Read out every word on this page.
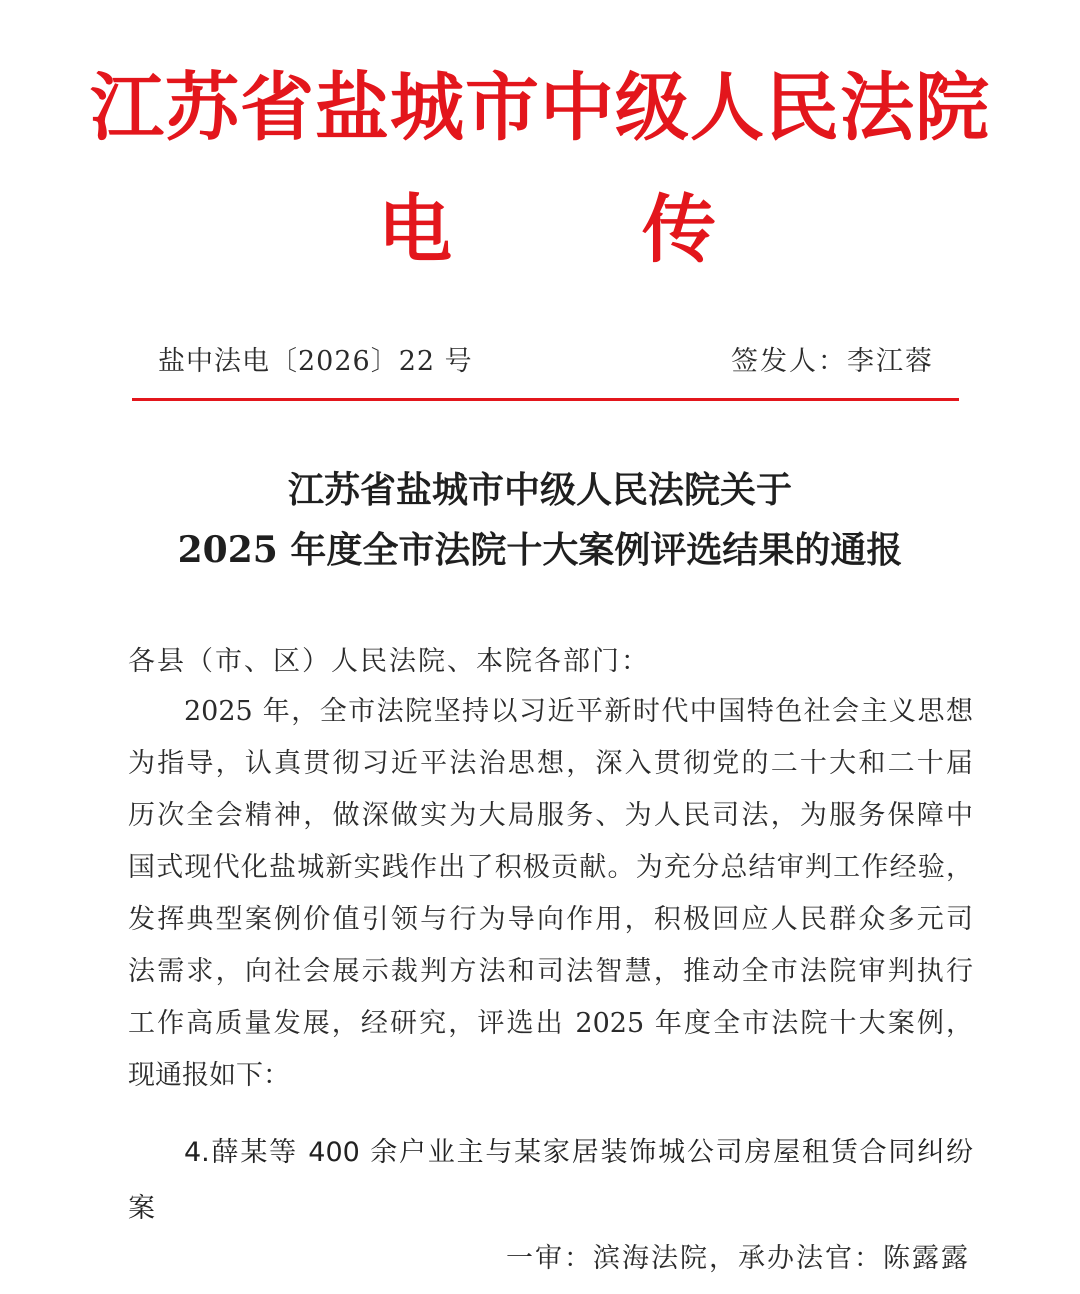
江苏省盐城市中级人民法院
电	传
盐中法电〔2026〕22 号	签发人：李江蓉
江苏省盐城市中级人民法院关于
2025 年度全市法院十大案例评选结果的通报
各县（市、区）人民法院、本院各部门：
2025 年，全市法院坚持以习近平新时代中国特色社会主义思想
为指导，认真贯彻习近平法治思想，深入贯彻党的二十大和二十届
历次全会精神，做深做实为大局服务、为人民司法，为服务保障中
国式现代化盐城新实践作出了积极贡献。为充分总结审判工作经验，
发挥典型案例价值引领与行为导向作用，积极回应人民群众多元司
法需求，向社会展示裁判方法和司法智慧，推动全市法院审判执行
工作高质量发展，经研究，评选出 2025 年度全市法院十大案例，
现通报如下：
4.薛某等 400 余户业主与某家居装饰城公司房屋租赁合同纠纷
案
一审：滨海法院，承办法官：陈露露
